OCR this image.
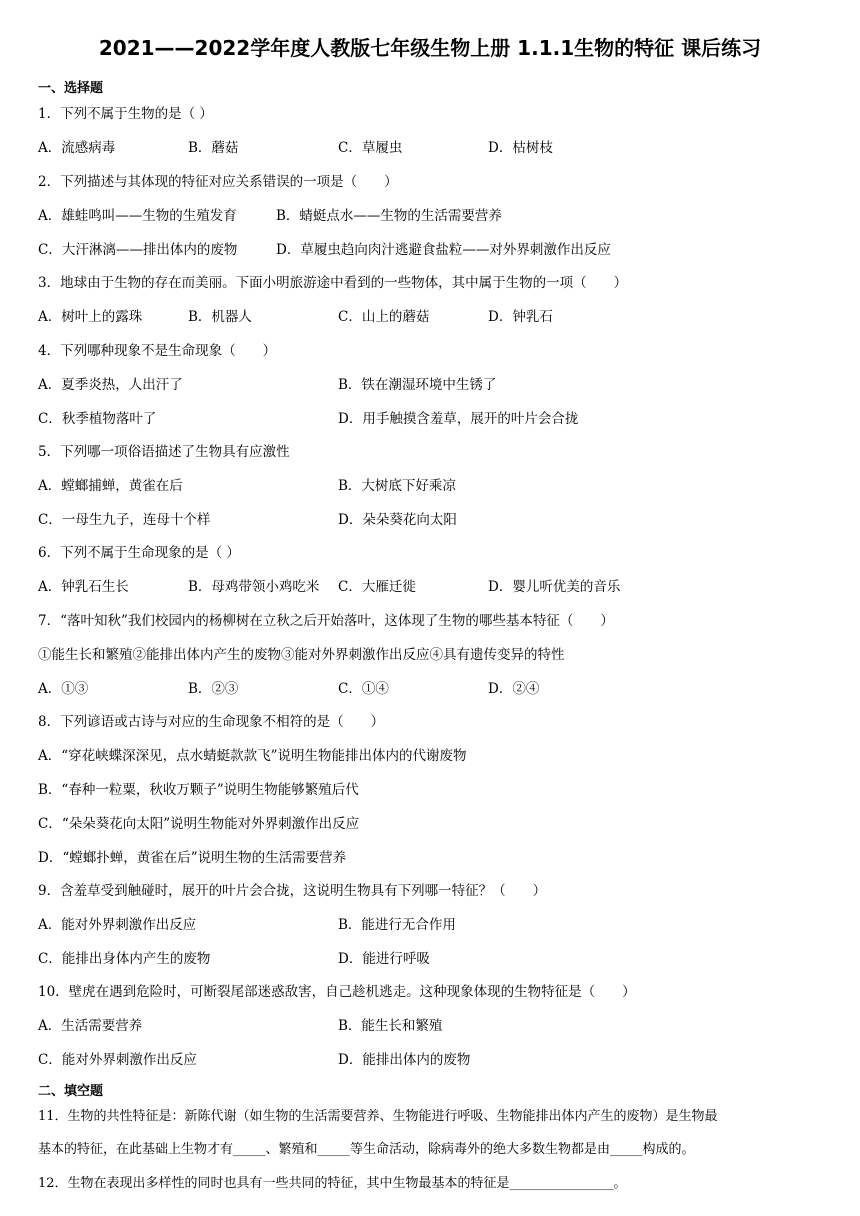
2021——2022学年度人教版七年级生物上册 1.1.1生物的特征 课后练习
一、选择题
1．下列不属于生物的是（ ）
A．流感病毒	B．蘑菇	C．草履虫	D．枯树枝
2．下列描述与其体现的特征对应关系错误的一项是（　　）
A．雄蛙鸣叫——生物的生殖发育	B．蜻蜓点水——生物的生活需要营养
C．大汗淋漓——排出体内的废物	D．草履虫趋向肉汁逃避食盐粒——对外界刺激作出反应
3．地球由于生物的存在而美丽。下面小明旅游途中看到的一些物体，其中属于生物的一项（　　）
A．树叶上的露珠	B．机器人	C．山上的蘑菇	D．钟乳石
4．下列哪种现象不是生命现象（　　）
A．夏季炎热，人出汗了	B．铁在潮湿环境中生锈了
C．秋季植物落叶了	D．用手触摸含羞草，展开的叶片会合拢
5．下列哪一项俗语描述了生物具有应激性
A．螳螂捕蝉，黄雀在后	B．大树底下好乘凉
C．一母生九子，连母十个样	D．朵朵葵花向太阳
6．下列不属于生命现象的是（ ）
A．钟乳石生长	B．母鸡带领小鸡吃米 C．大雁迁徙	D．婴儿听优美的音乐
7．“落叶知秋”我们校园内的杨柳树在立秋之后开始落叶，这体现了生物的哪些基本特征（　　）
①能生长和繁殖②能排出体内产生的废物③能对外界刺激作出反应④具有遗传变异的特性
A．①③	B．②③	C．①④	D．②④
8．下列谚语或古诗与对应的生命现象不相符的是（　　）
A．“穿花峡蝶深深见，点水蜻蜓款款飞”说明生物能排出体内的代谢废物
B．“春种一粒粟，秋收万颗子”说明生物能够繁殖后代
C．“朵朵葵花向太阳”说明生物能对外界刺激作出反应
D．“螳螂扑蝉，黄雀在后”说明生物的生活需要营养
9．含羞草受到触碰时，展开的叶片会合拢，这说明生物具有下列哪一特征？（　　）
A．能对外界刺激作出反应	B．能进行无合作用
C．能排出身体内产生的废物	D．能进行呼吸
10．壁虎在遇到危险时，可断裂尾部迷惑敌害，自己趁机逃走。这种现象体现的生物特征是（　　）
A．生活需要营养	B．能生长和繁殖
C．能对外界刺激作出反应	D．能排出体内的废物
二、填空题
11．生物的共性特征是：新陈代谢（如生物的生活需要营养、生物能进行呼吸、生物能排出体内产生的废物）是生物最
基本的特征，在此基础上生物才有_____、繁殖和_____等生命活动，除病毒外的绝大多数生物都是由_____构成的。
12．生物在表现出多样性的同时也具有一些共同的特征，其中生物最基本的特征是________________。
